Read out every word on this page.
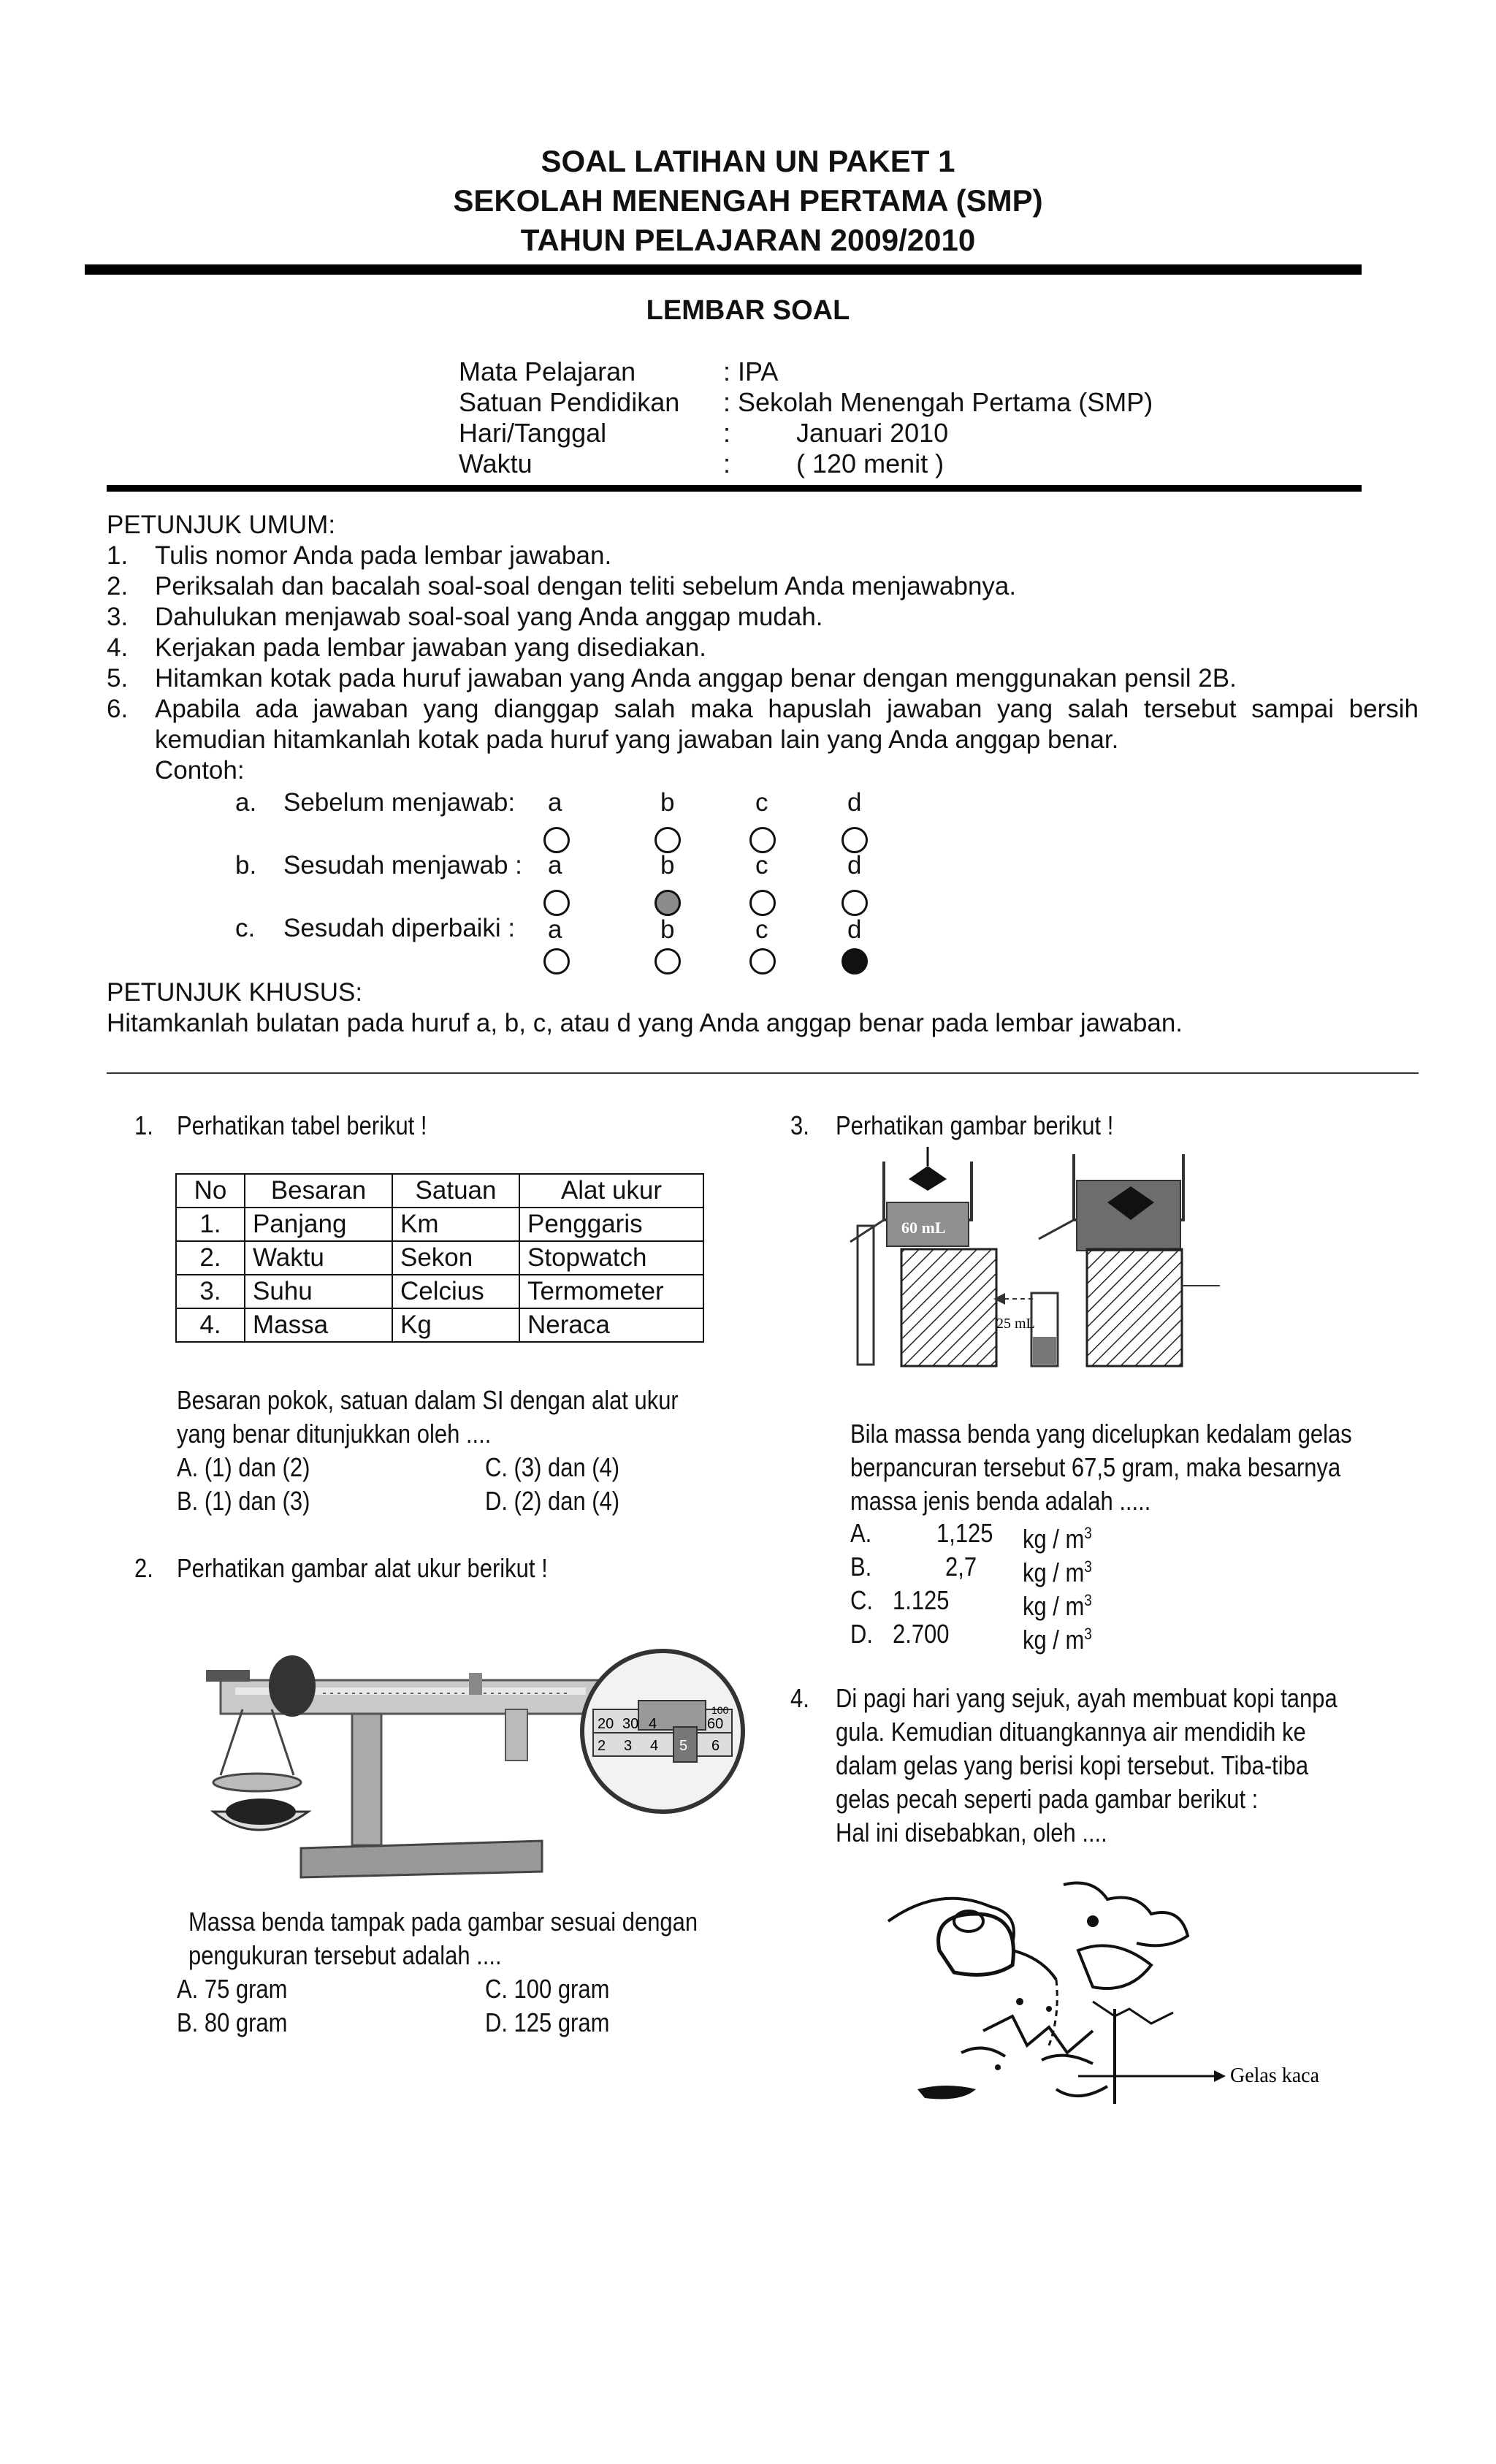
SOAL LATIHAN UN PAKET 1
SEKOLAH MENENGAH PERTAMA (SMP)
TAHUN PELAJARAN 2009/2010
LEMBAR SOAL
Mata Pelajaran	: IPA
Satuan Pendidikan : Sekolah Menengah Pertama (SMP)
Hari/Tanggal	:         Januari 2010
Waktu	:         ( 120 menit )
PETUNJUK UMUM:
1. Tulis nomor Anda pada lembar jawaban.
2. Periksalah dan bacalah soal-soal dengan teliti sebelum Anda menjawabnya.
3. Dahulukan menjawab soal-soal yang Anda anggap mudah.
4. Kerjakan pada lembar jawaban yang disediakan.
5. Hitamkan kotak pada huruf jawaban yang Anda anggap benar dengan menggunakan pensil 2B.
6. Apabila ada jawaban yang dianggap salah maka hapuslah jawaban yang salah tersebut sampai bersih
kemudian hitamkanlah kotak pada huruf yang jawaban lain yang Anda anggap benar.
Contoh:
a. Sebelum menjawab: a	b	c	d
b. Sesudah menjawab : a	b	c	d
c. Sesudah diperbaiki : a	b	c	d
PETUNJUK KHUSUS:
Hitamkanlah bulatan pada huruf a, b, c, atau d yang Anda anggap benar pada lembar jawaban.
1. Perhatikan tabel berikut !
No	Besaran	Satuan	Alat ukur
1.	Panjang	Km	Penggaris
2.	Waktu	Sekon	Stopwatch
3.	Suhu	Celcius	Termometer
4.	Massa	Kg	Neraca
Besaran pokok, satuan dalam SI dengan alat ukur
yang benar ditunjukkan oleh ....
A. (1) dan (2)	C. (3) dan (4)
B. (1) dan (3)	D. (2) dan (4)
2. Perhatikan gambar alat ukur berikut !
20 30 4	60
100
2 3 4 5 6
Massa benda tampak pada gambar sesuai dengan
pengukuran tersebut adalah ....
A. 75 gram	C. 100 gram
B. 80 gram	D. 125 gram
3. Perhatikan gambar berikut !
60 mL
25 mL
Bila massa benda yang dicelupkan kedalam gelas
berpancuran tersebut 67,5 gram, maka besarnya
massa jenis benda adalah .....
A. 1,125 kg / $m^3$
B.	2,7 kg / $m^3$
C. 1.125	kg / $m^3$
D. 2.700	kg / $m^3$
4. Di pagi hari yang sejuk, ayah membuat kopi tanpa
gula. Kemudian dituangkannya air mendidih ke
dalam gelas yang berisi kopi tersebut. Tiba-tiba
gelas pecah seperti pada gambar berikut :
Hal ini disebabkan, oleh ....
Gelas kaca
